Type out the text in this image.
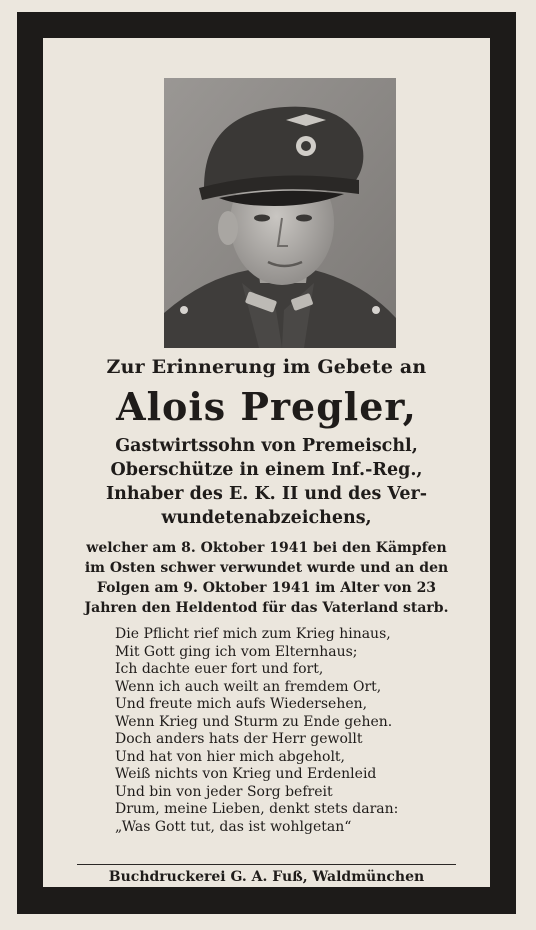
Zur Erinnerung im Gebete an
Alois Pregler,
Gastwirtssohn von Premeischl,
Oberschütze in einem Inf.-Reg.,
Inhaber des E. K. II und des Ver-
wundetenabzeichens,
welcher am 8. Oktober 1941 bei den Kämpfen
im Osten schwer verwundet wurde und an den
Folgen am 9. Oktober 1941 im Alter von 23
Jahren den Heldentod für das Vaterland starb.
Die Pflicht rief mich zum Krieg hinaus,
Mit Gott ging ich vom Elternhaus;
Ich dachte euer fort und fort,
Wenn ich auch weilt an fremdem Ort,
Und freute mich aufs Wiedersehen,
Wenn Krieg und Sturm zu Ende gehen.
Doch anders hats der Herr gewollt
Und hat von hier mich abgeholt,
Weiß nichts von Krieg und Erdenleid
Und bin von jeder Sorg befreit
Drum, meine Lieben, denkt stets daran:
„Was Gott tut, das ist wohlgetan“
Buchdruckerei G. A. Fuß, Waldmünchen
